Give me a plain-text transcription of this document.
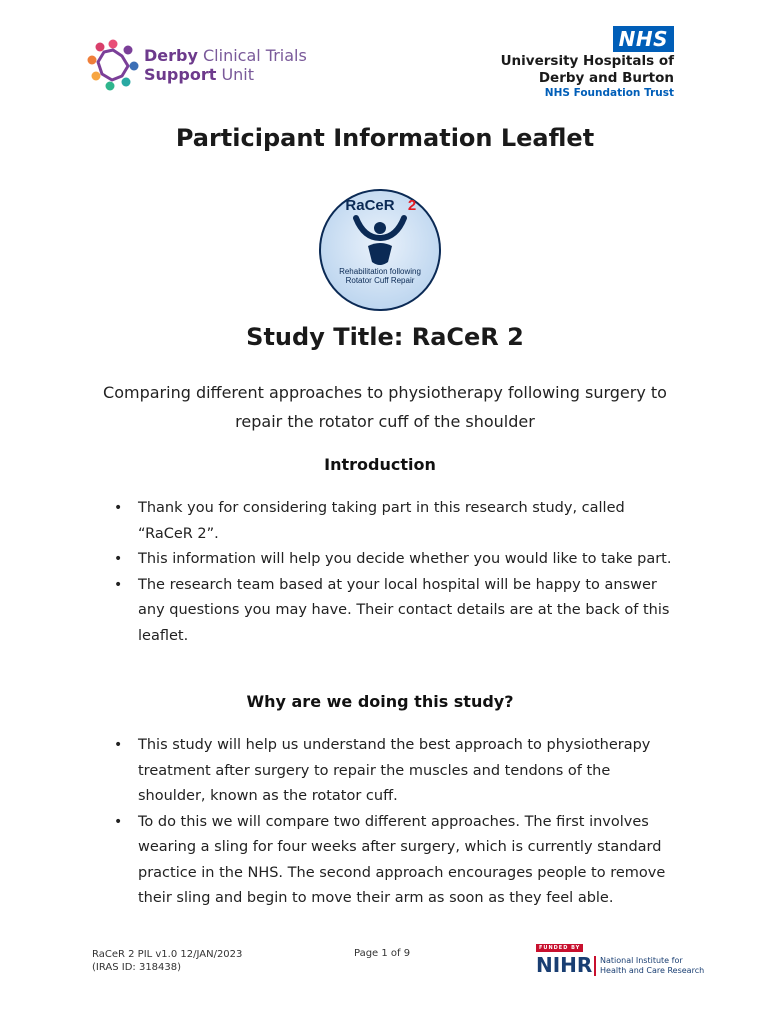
Derby Clinical Trials
Support Unit
NHS
University Hospitals of
Derby and Burton
NHS Foundation Trust
Participant Information Leaflet
RaCeR 2
Rehabilitation following
Rotator Cuff Repair
Study Title: RaCeR 2
Comparing different approaches to physiotherapy following surgery to repair the rotator cuff of the shoulder
Introduction
• Thank you for considering taking part in this research study, called “RaCeR 2”.
• This information will help you decide whether you would like to take part.
• The research team based at your local hospital will be happy to answer any questions you may have. Their contact details are at the back of this leaflet.
Why are we doing this study?
• This study will help us understand the best approach to physiotherapy treatment after surgery to repair the muscles and tendons of the shoulder, known as the rotator cuff.
• To do this we will compare two different approaches. The first involves wearing a sling for four weeks after surgery, which is currently standard practice in the NHS. The second approach encourages people to remove their sling and begin to move their arm as soon as they feel able.
RaCeR 2 PIL v1.0 12/JAN/2023
(IRAS ID: 318438)
Page 1 of 9	FUNDED BY
NIHR National Institute for
Health and Care Research
